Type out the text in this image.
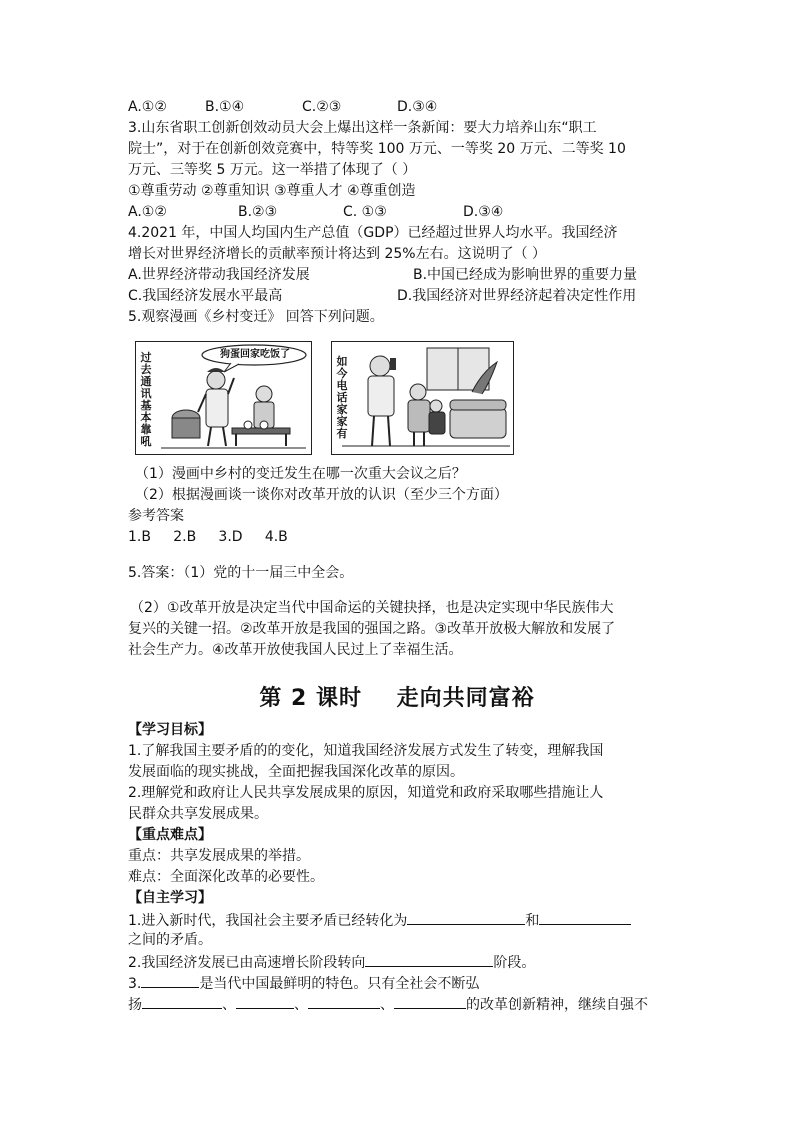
A.①②	B.①④	C.②③	D.③④
3.山东省职工创新创效动员大会上爆出这样一条新闻：要大力培养山东“职工
院士”，对于在创新创效竞赛中，特等奖 100 万元、一等奖 20 万元、二等奖 10
万元、三等奖 5 万元。这一举措了体现了（ ）
①尊重劳动 ②尊重知识 ③尊重人才 ④尊重创造
A.①②	B.②③	C. ①③	D.③④
4.2021 年，中国人均国内生产总值（GDP）已经超过世界人均水平。我国经济
增长对世界经济增长的贡献率预计将达到 25%左右。这说明了（ ）
A.世界经济带动我国经济发展	B.中国已经成为影响世界的重要力量
C.我国经济发展水平最高	D.我国经济对世界经济起着决定性作用
5.观察漫画《乡村变迁》 回答下列问题。
过
去
通
讯
基
本
靠
吼
狗蛋回家吃饭了
如
今
电
话
家
家
有
（1）漫画中乡村的变迁发生在哪一次重大会议之后？
（2）根据漫画谈一谈你对改革开放的认识（至少三个方面）
参考答案
1.B     2.B     3.D     4.B
5.答案：（1）党的十一届三中全会。
（2）①改革开放是决定当代中国命运的关键抉择，也是决定实现中华民族伟大
复兴的关键一招。②改革开放是我国的强国之路。③改革开放极大解放和发展了
社会生产力。④改革开放使我国人民过上了幸福生活。
第 2 课时    走向共同富裕
【学习目标】
1.了解我国主要矛盾的的变化，知道我国经济发展方式发生了转变，理解我国
发展面临的现实挑战，全面把握我国深化改革的原因。
2.理解党和政府让人民共享发展成果的原因，知道党和政府采取哪些措施让人
民群众共享发展成果。
【重点难点】
重点：共享发展成果的举措。
难点：全面深化改革的必要性。
【自主学习】
1.进入新时代，我国社会主要矛盾已经转化为	和
之间的矛盾。
2.我国经济发展已由高速增长阶段转向	阶段。
3.	是当代中国最鲜明的特色。只有全社会不断弘
扬	、	、	、	的改革创新精神，继续自强不
